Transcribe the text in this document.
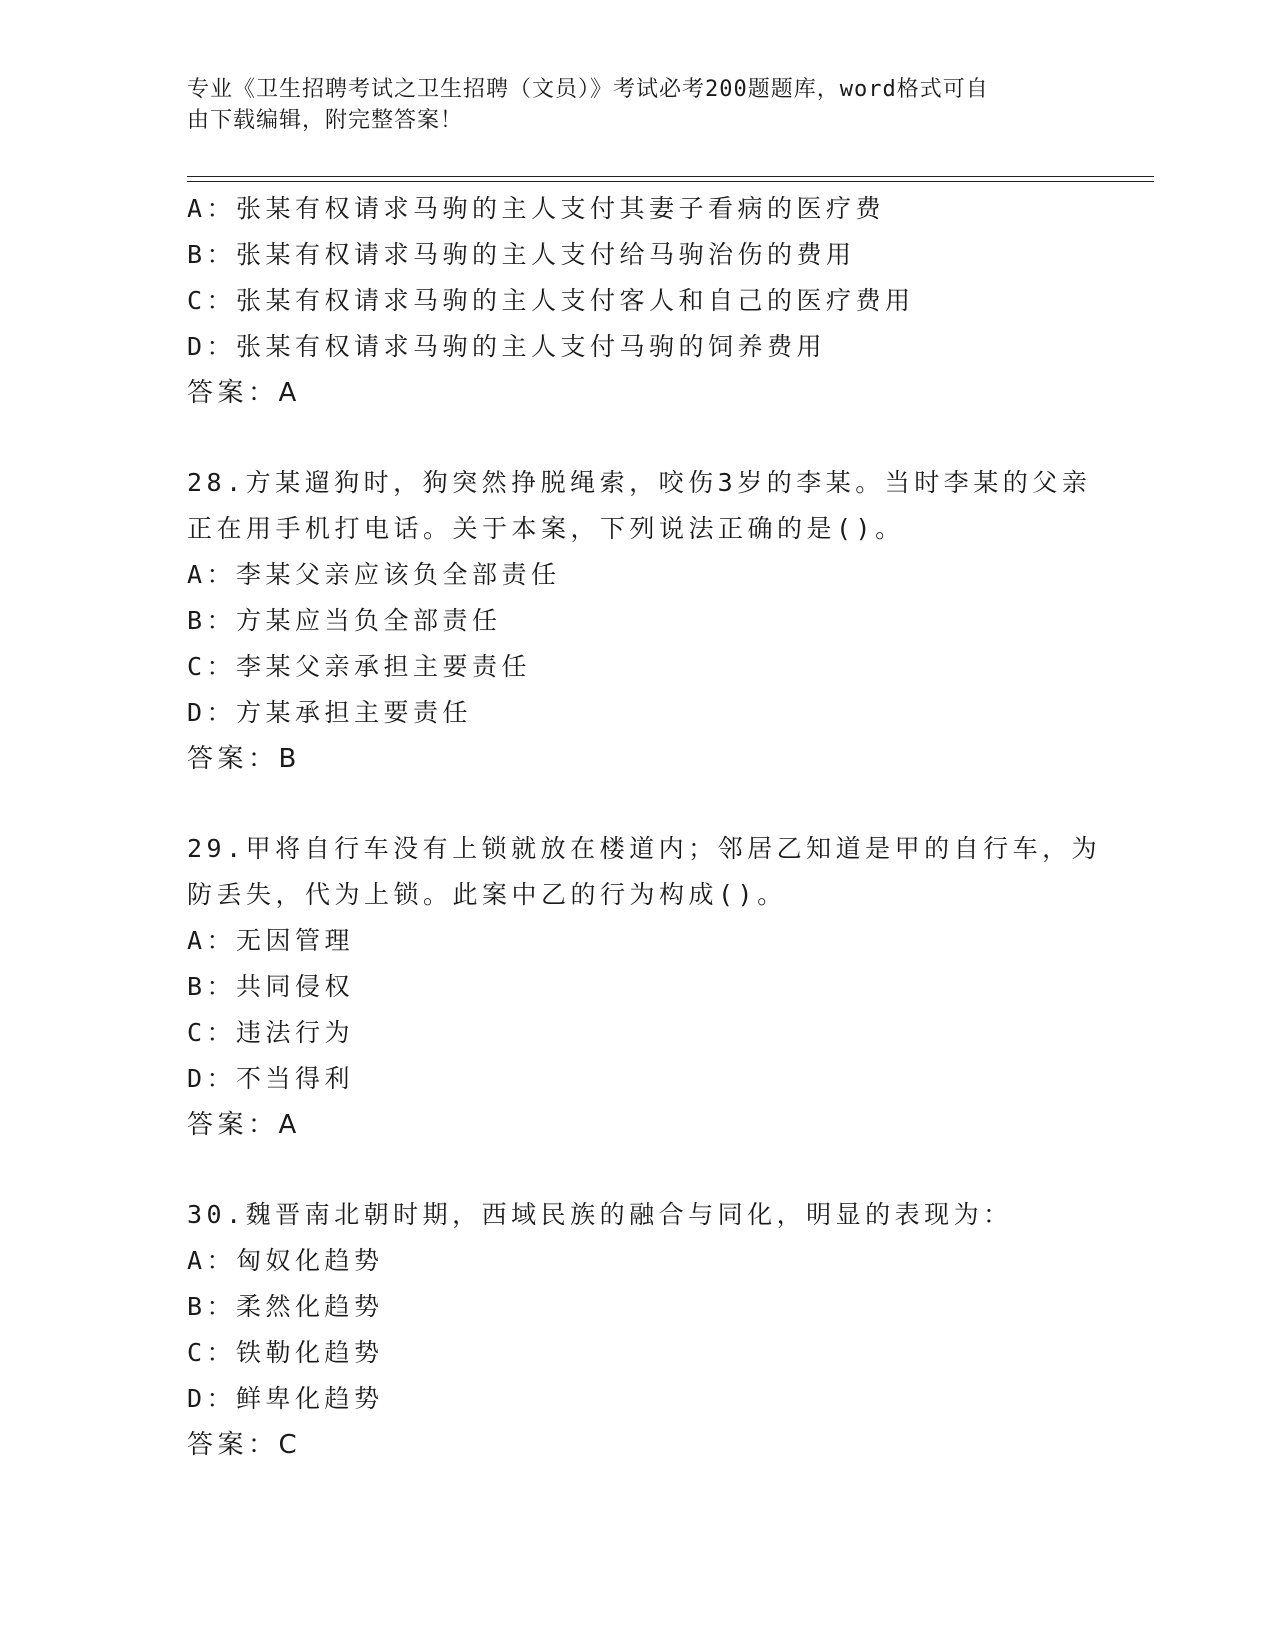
专业《卫生招聘考试之卫生招聘（文员）》考试必考200题题库，word格式可自
由下载编辑，附完整答案！
A：张某有权请求马驹的主人支付其妻子看病的医疗费
B：张某有权请求马驹的主人支付给马驹治伤的费用
C：张某有权请求马驹的主人支付客人和自己的医疗费用
D：张某有权请求马驹的主人支付马驹的饲养费用
答案：A
28.方某遛狗时，狗突然挣脱绳索，咬伤3岁的李某。当时李某的父亲
正在用手机打电话。关于本案，下列说法正确的是()。
A：李某父亲应该负全部责任
B：方某应当负全部责任
C：李某父亲承担主要责任
D：方某承担主要责任
答案：B
29.甲将自行车没有上锁就放在楼道内；邻居乙知道是甲的自行车，为
防丢失，代为上锁。此案中乙的行为构成()。
A：无因管理
B：共同侵权
C：违法行为
D：不当得利
答案：A
30.魏晋南北朝时期，西域民族的融合与同化，明显的表现为：
A：匈奴化趋势
B：柔然化趋势
C：铁勒化趋势
D：鲜卑化趋势
答案：C
